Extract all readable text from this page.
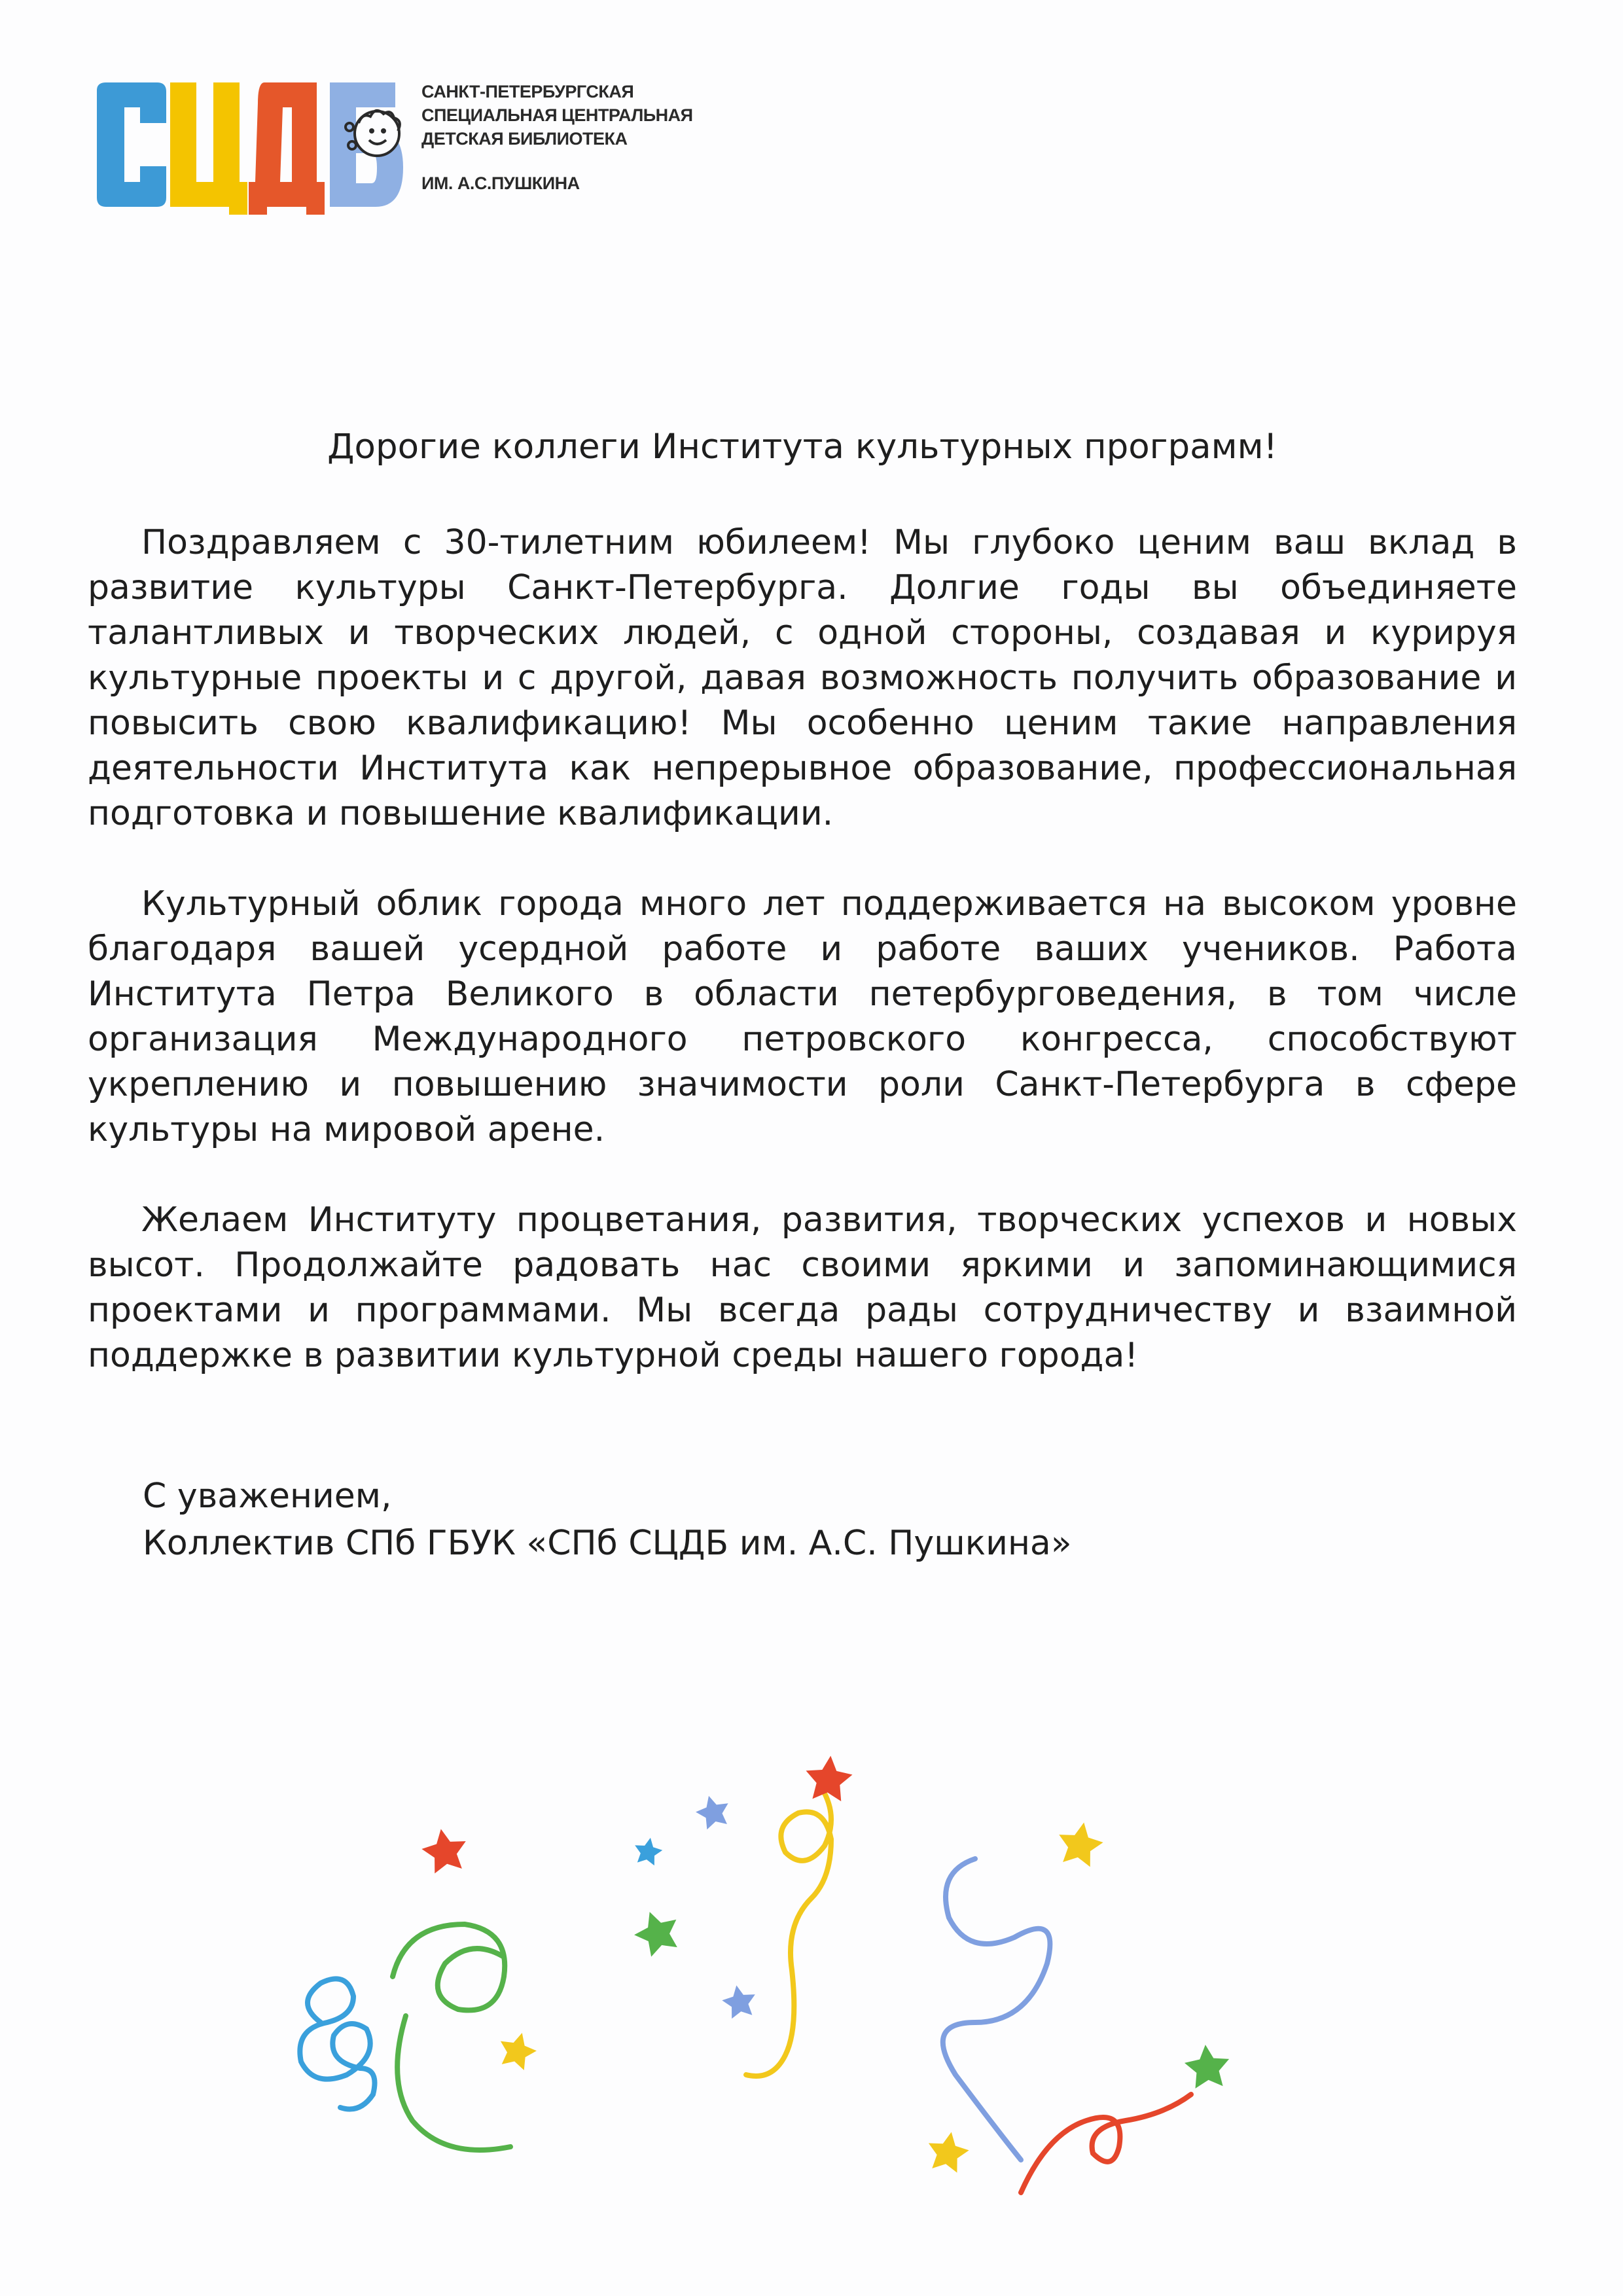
САНКТ-ПЕТЕРБУРГСКАЯ
СПЕЦИАЛЬНАЯ ЦЕНТРАЛЬНАЯ
ДЕТСКАЯ БИБЛИОТЕКА
ИМ. А.С.ПУШКИНА

Дорогие коллеги Института культурных программ!

Поздравляем с 30-тилетним юбилеем! Мы глубоко ценим ваш вклад в развитие культуры Санкт-Петербурга. Долгие годы вы объединяете талантливых и творческих людей, с одной стороны, создавая и курируя культурные проекты и с другой, давая возможность получить образование и повысить свою квалификацию! Мы особенно ценим такие направления деятельности Института как непрерывное образование, профессиональная подготовка и повышение квалификации.

Культурный облик города много лет поддерживается на высоком уровне благодаря вашей усердной работе и работе ваших учеников. Работа Института Петра Великого в области петербурговедения, в том числе организация Международного петровского конгресса, способствуют укреплению и повышению значимости роли Санкт-Петербурга в сфере культуры на мировой арене.

Желаем Институту процветания, развития, творческих успехов и новых высот. Продолжайте радовать нас своими яркими и запоминающимися проектами и программами. Мы всегда рады сотрудничеству и взаимной поддержке в развитии культурной среды нашего города!

С уважением,
Коллектив СПб ГБУК «СПб СЦДБ им. А.С. Пушкина»
